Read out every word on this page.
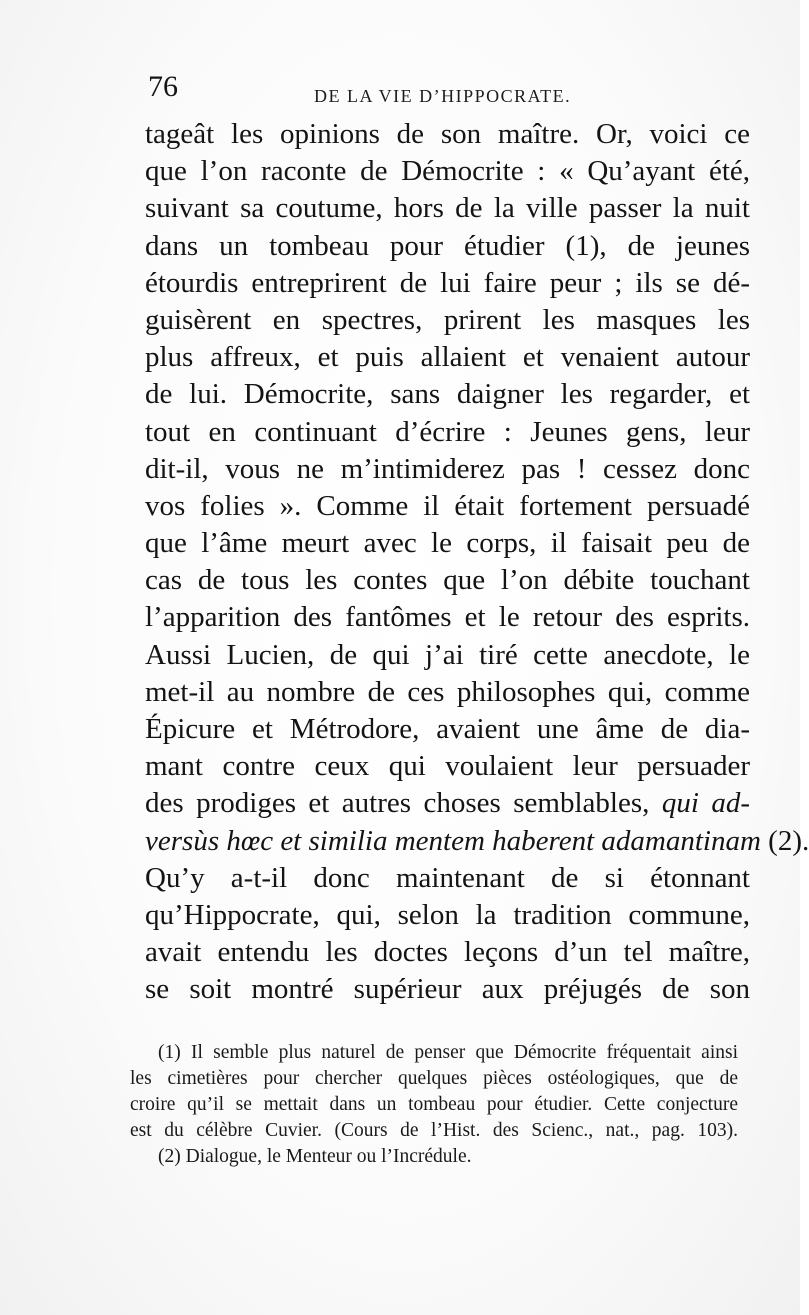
76	DE LA VIE D’HIPPOCRATE.
tageât les opinions de son maître. Or, voici ce
que l’on raconte de Démocrite : « Qu’ayant été,
suivant sa coutume, hors de la ville passer la nuit
dans un tombeau pour étudier (1), de jeunes
étourdis entreprirent de lui faire peur ; ils se dé-
guisèrent en spectres, prirent les masques les
plus affreux, et puis allaient et venaient autour
de lui. Démocrite, sans daigner les regarder, et
tout en continuant d’écrire : Jeunes gens, leur
dit-il, vous ne m’intimiderez pas ! cessez donc
vos folies ». Comme il était fortement persuadé
que l’âme meurt avec le corps, il faisait peu de
cas de tous les contes que l’on débite touchant
l’apparition des fantômes et le retour des esprits.
Aussi Lucien, de qui j’ai tiré cette anecdote, le
met-il au nombre de ces philosophes qui, comme
Épicure et Métrodore, avaient une âme de dia-
mant contre ceux qui voulaient leur persuader
des prodiges et autres choses semblables, qui ad-
versùs hœc et similia mentem haberent adamantinam (2).
Qu’y a-t-il donc maintenant de si étonnant
qu’Hippocrate, qui, selon la tradition commune,
avait entendu les doctes leçons d’un tel maître,
se soit montré supérieur aux préjugés de son
(1) Il semble plus naturel de penser que Démocrite fréquentait ainsi
les cimetières pour chercher quelques pièces ostéologiques, que de
croire qu’il se mettait dans un tombeau pour étudier. Cette conjecture
est du célèbre Cuvier. (Cours de l’Hist. des Scienc., nat., pag. 103).
(2) Dialogue, le Menteur ou l’Incrédule.
